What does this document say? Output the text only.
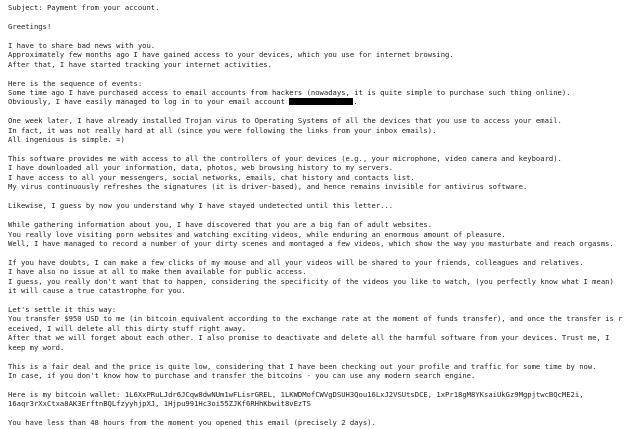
Subject: Payment from your account.

Greetings!

I have to share bad news with you.
Approximately few months ago I have gained access to your devices, which you use for internet browsing.
After that, I have started tracking your internet activities.

Here is the sequence of events:
Some time ago I have purchased access to email accounts from hackers (nowadays, it is quite simple to purchase such thing online).
Obviously, I have easily managed to log in to your email account	.

One week later, I have already installed Trojan virus to Operating Systems of all the devices that you use to access your email.
In fact, it was not really hard at all (since you were following the links from your inbox emails).
All ingenious is simple. =)

This software provides me with access to all the controllers of your devices (e.g., your microphone, video camera and keyboard).
I have downloaded all your information, data, photos, web browsing history to my servers.
I have access to all your messengers, social networks, emails, chat history and contacts list.
My virus continuously refreshes the signatures (it is driver-based), and hence remains invisible for antivirus software.

Likewise, I guess by now you understand why I have stayed undetected until this letter...

While gathering information about you, I have discovered that you are a big fan of adult websites.
You really love visiting porn websites and watching exciting videos, while enduring an enormous amount of pleasure.
Well, I have managed to record a number of your dirty scenes and montaged a few videos, which show the way you masturbate and reach orgasms.

If you have doubts, I can make a few clicks of my mouse and all your videos will be shared to your friends, colleagues and relatives.
I have also no issue at all to make them available for public access.
I guess, you really don't want that to happen, considering the specificity of the videos you like to watch, (you perfectly know what I mean)
it will cause a true catastrophe for you.

Let's settle it this way:
You transfer $950 USD to me (in bitcoin equivalent according to the exchange rate at the moment of funds transfer), and once the transfer is r
eceived, I will delete all this dirty stuff right away.
After that we will forget about each other. I also promise to deactivate and delete all the harmful software from your devices. Trust me, I
keep my word.

This is a fair deal and the price is quite low, considering that I have been checking out your profile and traffic for some time by now.
In case, if you don't know how to purchase and transfer the bitcoins - you can use any modern search engine.

Here is my bitcoin wallet: 1L6XxPRuLJdr6JCqw8dwNUm1wFLisrGREL, 1LKWDMofCWVgDSUH3Qou16LxJ2VSUtsDCE, 1xPr18gM8YKsaiUkGz9MgpjtwcBQcME2i,
16aqr3rXxCtxa8AK3ErftnBQLfzyyhjpXJ, 1Hjpu991Hc3oi55ZJKf6RHhKbwit8vEzTS

You have less than 48 hours from the moment you opened this email (precisely 2 days).
